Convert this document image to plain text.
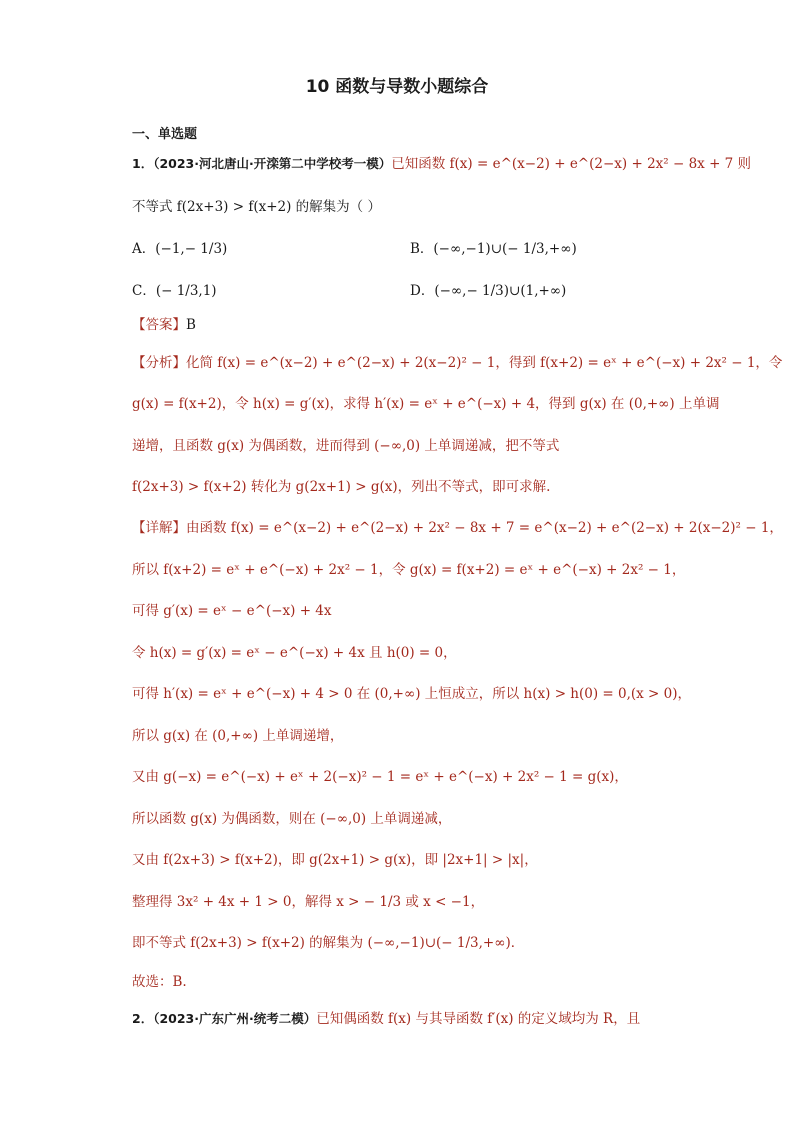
10 函数与导数小题综合
一、单选题
1．（2023·河北唐山·开滦第二中学校考一模）已知函数 f(x) = e^(x−2) + e^(2−x) + 2x² − 8x + 7 则
不等式 f(2x+3) > f(x+2) 的解集为（ ）
A．(−1,− 1/3)	B．(−∞,−1)∪(− 1/3,+∞)
C．(− 1/3,1)	D．(−∞,− 1/3)∪(1,+∞)
【答案】B
【分析】化简 f(x) = e^(x−2) + e^(2−x) + 2(x−2)² − 1，得到 f(x+2) = eˣ + e^(−x) + 2x² − 1，令
g(x) = f(x+2)，令 h(x) = g′(x)，求得 h′(x) = eˣ + e^(−x) + 4，得到 g(x) 在 (0,+∞) 上单调
递增，且函数 g(x) 为偶函数，进而得到 (−∞,0) 上单调递减，把不等式
f(2x+3) > f(x+2) 转化为 g(2x+1) > g(x)，列出不等式，即可求解.
【详解】由函数 f(x) = e^(x−2) + e^(2−x) + 2x² − 8x + 7 = e^(x−2) + e^(2−x) + 2(x−2)² − 1，
所以 f(x+2) = eˣ + e^(−x) + 2x² − 1，令 g(x) = f(x+2) = eˣ + e^(−x) + 2x² − 1，
可得 g′(x) = eˣ − e^(−x) + 4x
令 h(x) = g′(x) = eˣ − e^(−x) + 4x 且 h(0) = 0，
可得 h′(x) = eˣ + e^(−x) + 4 > 0 在 (0,+∞) 上恒成立，所以 h(x) > h(0) = 0,(x > 0)，
所以 g(x) 在 (0,+∞) 上单调递增，
又由 g(−x) = e^(−x) + eˣ + 2(−x)² − 1 = eˣ + e^(−x) + 2x² − 1 = g(x)，
所以函数 g(x) 为偶函数，则在 (−∞,0) 上单调递减，
又由 f(2x+3) > f(x+2)，即 g(2x+1) > g(x)，即 |2x+1| > |x|，
整理得 3x² + 4x + 1 > 0，解得 x > − 1/3 或 x < −1，
即不等式 f(2x+3) > f(x+2) 的解集为 (−∞,−1)∪(− 1/3,+∞)．
故选：B.
2．（2023·广东广州·统考二模）已知偶函数 f(x) 与其导函数 f′(x) 的定义域均为 R，且
